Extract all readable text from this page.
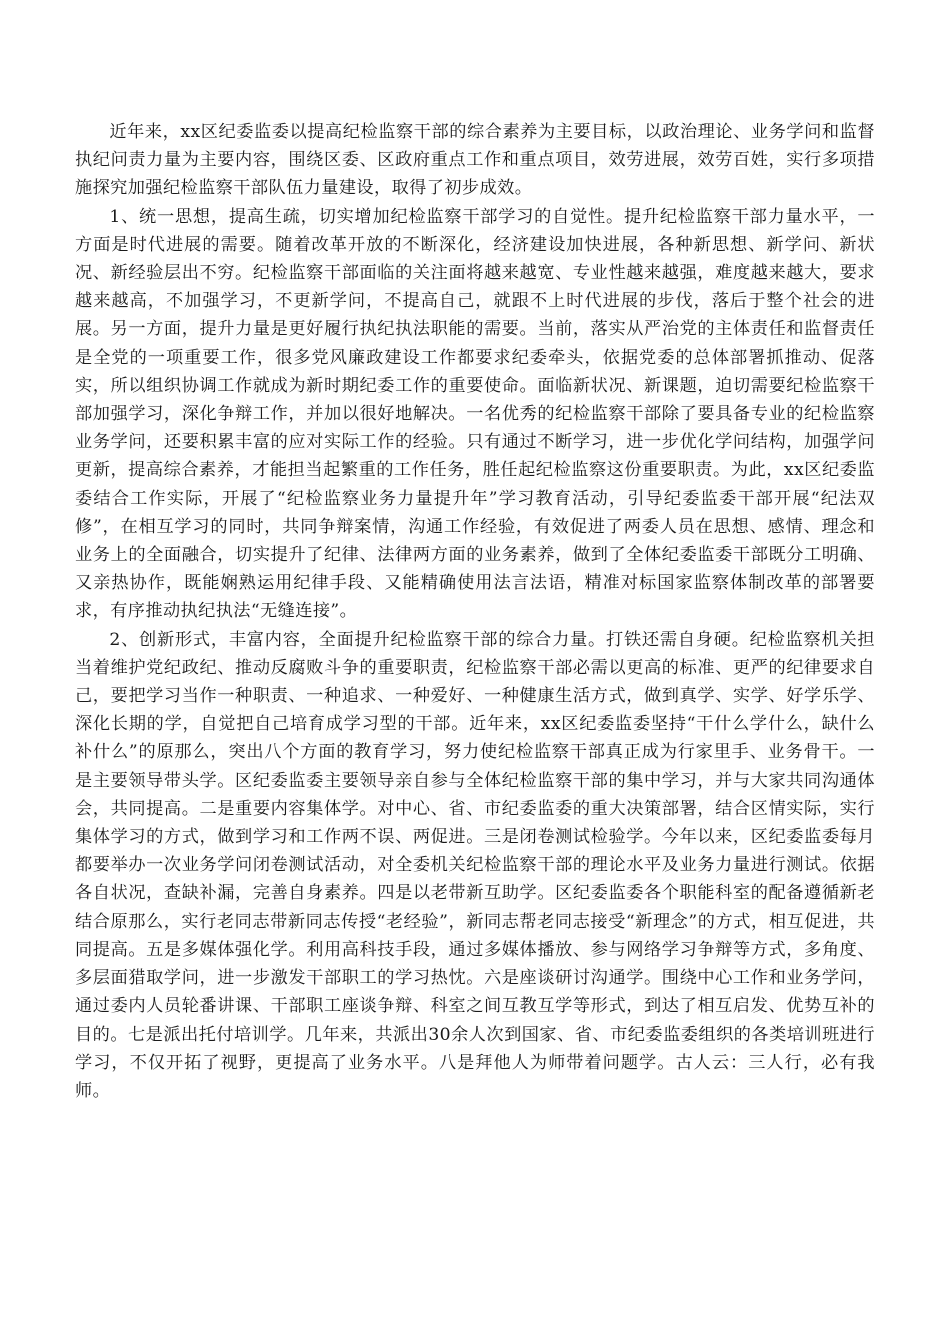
近年来，xx区纪委监委以提高纪检监察干部的综合素养为主要目标，以政治理论、业务学问和监督执纪问责力量为主要内容，围绕区委、区政府重点工作和重点项目，效劳进展，效劳百姓，实行多项措施探究加强纪检监察干部队伍力量建设，取得了初步成效。

1、统一思想，提高生疏，切实增加纪检监察干部学习的自觉性。提升纪检监察干部力量水平，一方面是时代进展的需要。随着改革开放的不断深化，经济建设加快进展，各种新思想、新学问、新状况、新经验层出不穷。纪检监察干部面临的关注面将越来越宽、专业性越来越强，难度越来越大，要求越来越高，不加强学习，不更新学问，不提高自己，就跟不上时代进展的步伐，落后于整个社会的进展。另一方面，提升力量是更好履行执纪执法职能的需要。当前，落实从严治党的主体责任和监督责任是全党的一项重要工作，很多党风廉政建设工作都要求纪委牵头，依据党委的总体部署抓推动、促落实，所以组织协调工作就成为新时期纪委工作的重要使命。面临新状况、新课题，迫切需要纪检监察干部加强学习，深化争辩工作，并加以很好地解决。一名优秀的纪检监察干部除了要具备专业的纪检监察业务学问，还要积累丰富的应对实际工作的经验。只有通过不断学习，进一步优化学问结构，加强学问更新，提高综合素养，才能担当起繁重的工作任务，胜任起纪检监察这份重要职责。为此，xx区纪委监委结合工作实际，开展了“纪检监察业务力量提升年”学习教育活动，引导纪委监委干部开展“纪法双修”，在相互学习的同时，共同争辩案情，沟通工作经验，有效促进了两委人员在思想、感情、理念和业务上的全面融合，切实提升了纪律、法律两方面的业务素养，做到了全体纪委监委干部既分工明确、又亲热协作，既能娴熟运用纪律手段、又能精确使用法言法语，精准对标国家监察体制改革的部署要求，有序推动执纪执法“无缝连接”。

2、创新形式，丰富内容，全面提升纪检监察干部的综合力量。打铁还需自身硬。纪检监察机关担当着维护党纪政纪、推动反腐败斗争的重要职责，纪检监察干部必需以更高的标准、更严的纪律要求自己，要把学习当作一种职责、一种追求、一种爱好、一种健康生活方式，做到真学、实学、好学乐学、深化长期的学，自觉把自己培育成学习型的干部。近年来，xx区纪委监委坚持“干什么学什么，缺什么补什么”的原那么，突出八个方面的教育学习，努力使纪检监察干部真正成为行家里手、业务骨干。一是主要领导带头学。区纪委监委主要领导亲自参与全体纪检监察干部的集中学习，并与大家共同沟通体会，共同提高。二是重要内容集体学。对中心、省、市纪委监委的重大决策部署，结合区情实际，实行集体学习的方式，做到学习和工作两不误、两促进。三是闭卷测试检验学。今年以来，区纪委监委每月都要举办一次业务学问闭卷测试活动，对全委机关纪检监察干部的理论水平及业务力量进行测试。依据各自状况，查缺补漏，完善自身素养。四是以老带新互助学。区纪委监委各个职能科室的配备遵循新老结合原那么，实行老同志带新同志传授“老经验”，新同志帮老同志接受“新理念”的方式，相互促进，共同提高。五是多媒体强化学。利用高科技手段，通过多媒体播放、参与网络学习争辩等方式，多角度、多层面猎取学问，进一步激发干部职工的学习热忱。六是座谈研讨沟通学。围绕中心工作和业务学问，通过委内人员轮番讲课、干部职工座谈争辩、科室之间互教互学等形式，到达了相互启发、优势互补的目的。七是派出托付培训学。几年来，共派出30余人次到国家、省、市纪委监委组织的各类培训班进行学习，不仅开拓了视野，更提高了业务水平。八是拜他人为师带着问题学。古人云：三人行，必有我师。
